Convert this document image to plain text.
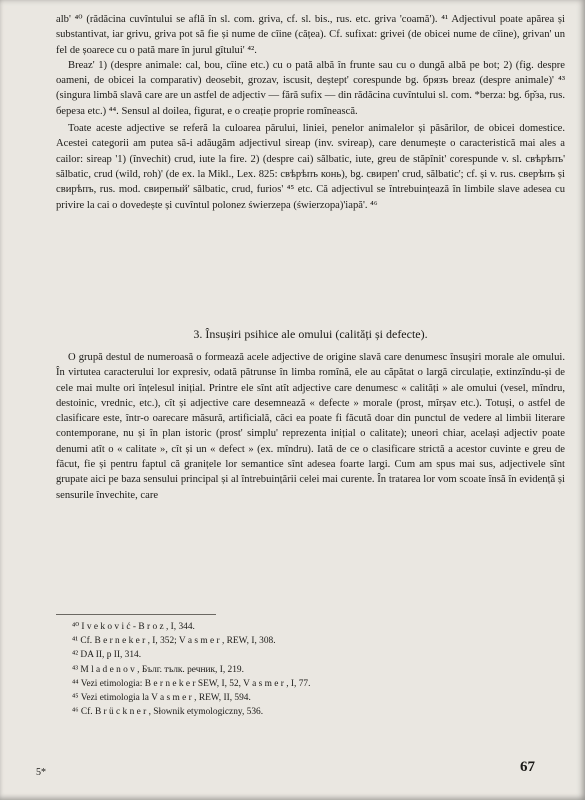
alb' ⁴⁰ (rădăcina cuvîntului se află în sl. com. griva, cf. sl. bis., rus. etc. griva 'coamă'). ⁴¹ Adjectivul poate apărea și substantivat, iar grivu, griva pot să fie și nume de cîine (cățea). Cf. sufixat: grivei (de obicei nume de cîine), grivan' un fel de șoarece cu o pată mare în jurul gîtului' ⁴².

Breaz' 1) (despre animale: cal, bou, cîine etc.) cu o pată albă în frunte sau cu o dungă albă pe bot; 2) (fig. despre oameni, de obicei la comparativ) deosebit, grozav, iscusit, deștept' corespunde bg. брязъ breaz (despre animale)' ⁴³ (singura limbă slavă care are un astfel de adjectiv — fără sufix — din rădăcina cuvîntului sl. com. *berza: bg. бр̌за, rus. береза etc.) ⁴⁴. Sensul al doilea, figurat, e o creație proprie romînească.

Toate aceste adjective se referă la culoarea părului, liniei, penelor animalelor și păsărilor, de obicei domestice. Acestei categorii am putea să-i adăugăm adjectivul sireap (inv. svireap), care denumește o caracteristică mai ales a cailor: sireap '1) (învechit) crud, iute la fire. 2) (despre cai) sălbatic, iute, greu de stăpînit' corespunde v. sl. свѣрѣпъ' sălbatic, crud (wild, roh)' (de ex. la Mikl., Lex. 825: свѣрѣпъ конь), bg. свиреп' crud, sălbatic'; cf. și v. rus. сверѣпъ și свирѣпъ, rus. mod. свирепый' sălbatic, crud, furios' ⁴⁵ etc. Că adjectivul se întrebuințează în limbile slave adesea cu privire la cai o dovedește și cuvîntul polonez świerzepa (świerzopa)'iapă'. ⁴⁶

3. Însușiri psihice ale omului (calități și defecte).

O grupă destul de numeroasă o formează acele adjective de origine slavă care denumesc însușiri morale ale omului. În virtutea caracterului lor expresiv, odată pătrunse în limba romînă, ele au căpătat o largă circulație, extinzîndu-și de cele mai multe ori înțelesul inițial. Printre ele sînt atît adjective care denumesc « calități » ale omului (vesel, mîndru, destoinic, vrednic, etc.), cît și adjective care desemnează « defecte » morale (prost, mîrșav etc.). Totuși, o astfel de clasificare este, într-o oarecare măsură, artificială, căci ea poate fi făcută doar din punctul de vedere al limbii literare contemporane, nu și în plan istoric (prost' simplu' reprezenta inițial o calitate); uneori chiar, același adjectiv poate denumi atît o « calitate », cît și un « defect » (ex. mîndru). Iată de ce o clasificare strictă a acestor cuvinte e greu de făcut, fie și pentru faptul că granițele lor semantice sînt adesea foarte largi. Cum am spus mai sus, adjectivele sînt grupate aici pe baza sensului principal și al întrebuințării celei mai curente. În tratarea lor vom scoate însă în evidență și sensurile învechite, care

⁴⁰ I v e k o v i ć - B r o z , I, 344.

⁴¹ Cf. B e r n e k e r , I, 352; V a s m e r , REW, I, 308.

⁴² DA II, p II, 314.

⁴³ M l a d e n o v , Бълг. тълк. речник, I, 219.

⁴⁴ Vezi etimologia: B e r n e k e r SEW, I, 52, V a s m e r , I, 77.

⁴⁵ Vezi etimologia la V a s m e r , REW, II, 594.

⁴⁶ Cf. B r ü c k n e r , Słownik etymologiczny, 536.

5*	67
